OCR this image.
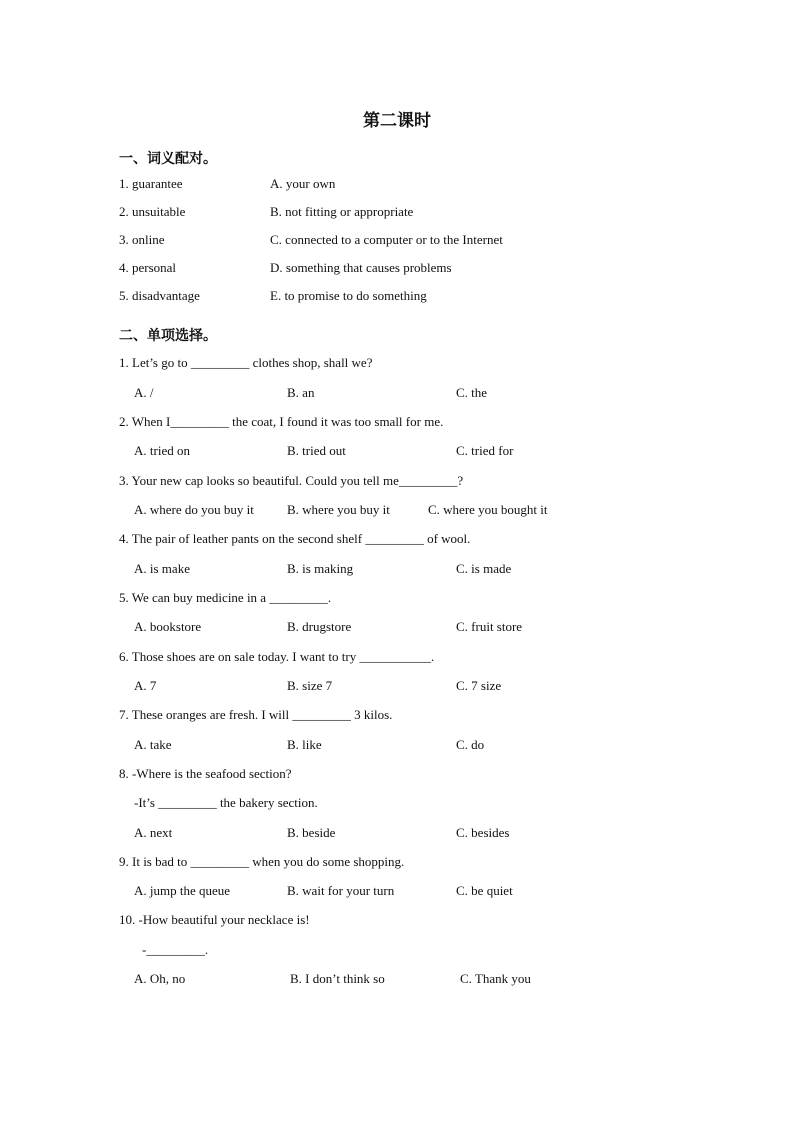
第二课时
一、词义配对。
1. guarantee	A. your own
2. unsuitable	B. not fitting or appropriate
3. online	C. connected to a computer or to the Internet
4. personal	D. something that causes problems
5. disadvantage	E. to promise to do something
二、单项选择。
1. Let’s go to _________ clothes shop, shall we?
A. /	B. an	C. the
2. When I_________ the coat, I found it was too small for me.
A. tried on	B. tried out	C. tried for
3. Your new cap looks so beautiful. Could you tell me_________?
A. where do you buy it	B. where you buy it	C. where you bought it
4. The pair of leather pants on the second shelf _________ of wool.
A. is make	B. is making	C. is made
5. We can buy medicine in a _________.
A. bookstore	B. drugstore	C. fruit store
6. Those shoes are on sale today. I want to try ___________.
A. 7	B. size 7	C. 7 size
7. These oranges are fresh. I will _________ 3 kilos.
A. take	B. like	C. do
8. -Where is the seafood section?
-It’s _________ the bakery section.
A. next	B. beside	C. besides
9. It is bad to _________ when you do some shopping.
A. jump the queue	B. wait for your turn	C. be quiet
10. -How beautiful your necklace is!
-_________.
A. Oh, no	B. I don’t think so	C. Thank you
